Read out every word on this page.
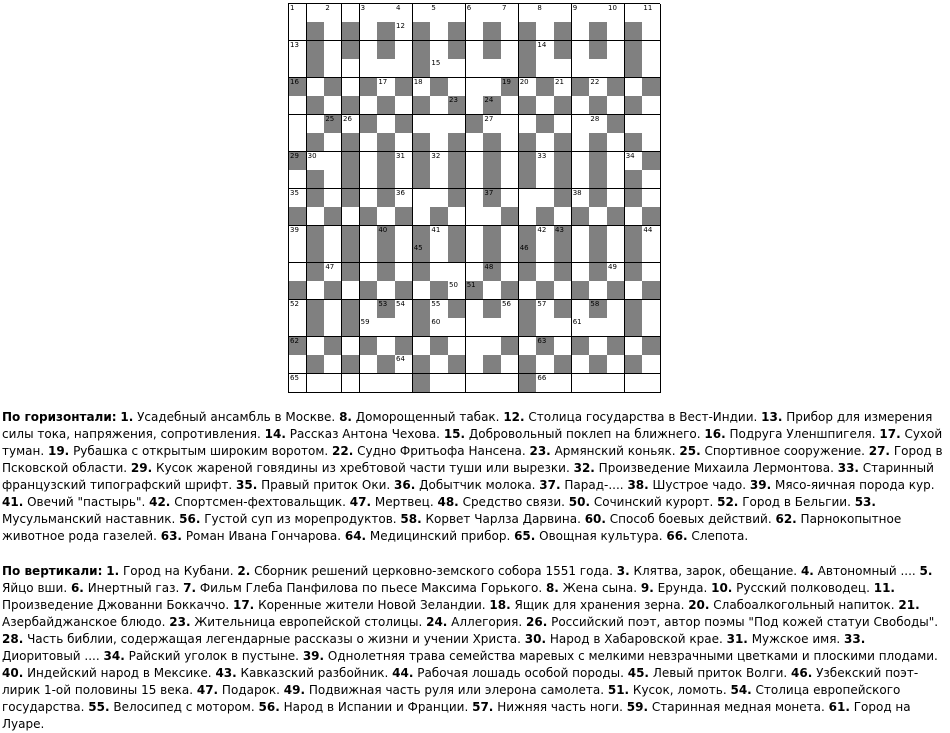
1	2	3	4	5	6	7	8	9	10	11
12
13	14
15
16	17	18	19 20	21	22
23	24
25 26	27	28
29 30	31	32	33	34
35	36	37	38
39	40	41	42 43	44
45	46
47	48	49
50 51
52	53 54	55	56	57	58
59	60	61
62	63
64
65	66
По горизонтали: 1. Усадебный ансамбль в Москве. 8. Доморощенный табак. 12. Столица государства в Вест-Индии. 13. Прибор для измерения силы тока, напряжения, сопротивления. 14. Рассказ Антона Чехова. 15. Добровольный поклеп на ближнего. 16. Подруга Уленшпигеля. 17. Сухой туман. 19. Рубашка с открытым широким воротом. 22. Судно Фритьофа Нансена. 23. Армянский коньяк. 25. Спортивное сооружение. 27. Город в Псковской области. 29. Кусок жареной говядины из хребтовой части туши или вырезки. 32. Произведение Михаила Лермонтова. 33. Старинный французский типографский шрифт. 35. Правый приток Оки. 36. Добытчик молока. 37. Парад-.... 38. Шустрое чадо. 39. Мясо-яичная порода кур. 41. Овечий "пастырь". 42. Спортсмен-фехтовальщик. 47. Мертвец. 48. Средство связи. 50. Сочинский курорт. 52. Город в Бельгии. 53. Мусульманский наставник. 56. Густой суп из морепродуктов. 58. Корвет Чарлза Дарвина. 60. Способ боевых действий. 62. Парнокопытное животное рода газелей. 63. Роман Ивана Гончарова. 64. Медицинский прибор. 65. Овощная культура. 66. Слепота.
По вертикали: 1. Город на Кубани. 2. Сборник решений церковно-земского собора 1551 года. 3. Клятва, зарок, обещание. 4. Автономный .... 5. Яйцо вши. 6. Инертный газ. 7. Фильм Глеба Панфилова по пьесе Максима Горького. 8. Жена сына. 9. Ерунда. 10. Русский полководец. 11. Произведение Джованни Боккаччо. 17. Коренные жители Новой Зеландии. 18. Ящик для хранения зерна. 20. Слабоалкогольный напиток. 21. Азербайджанское блюдо. 23. Жительница европейской столицы. 24. Аллегория. 26. Российский поэт, автор поэмы "Под кожей статуи Свободы". 28. Часть библии, содержащая легендарные рассказы о жизни и учении Христа. 30. Народ в Хабаровской крае. 31. Мужское имя. 33. Диоритовый .... 34. Райский уголок в пустыне. 39. Однолетняя трава семейства маревых с мелкими невзрачными цветками и плоскими плодами. 40. Индейский народ в Мексике. 43. Кавказский разбойник. 44. Рабочая лошадь особой породы. 45. Левый приток Волги. 46. Узбекский поэт-лирик 1-ой половины 15 века. 47. Подарок. 49. Подвижная часть руля или элерона самолета. 51. Кусок, ломоть. 54. Столица европейского государства. 55. Велосипед с мотором. 56. Народ в Испании и Франции. 57. Нижняя часть ноги. 59. Старинная медная монета. 61. Город на Луаре.
